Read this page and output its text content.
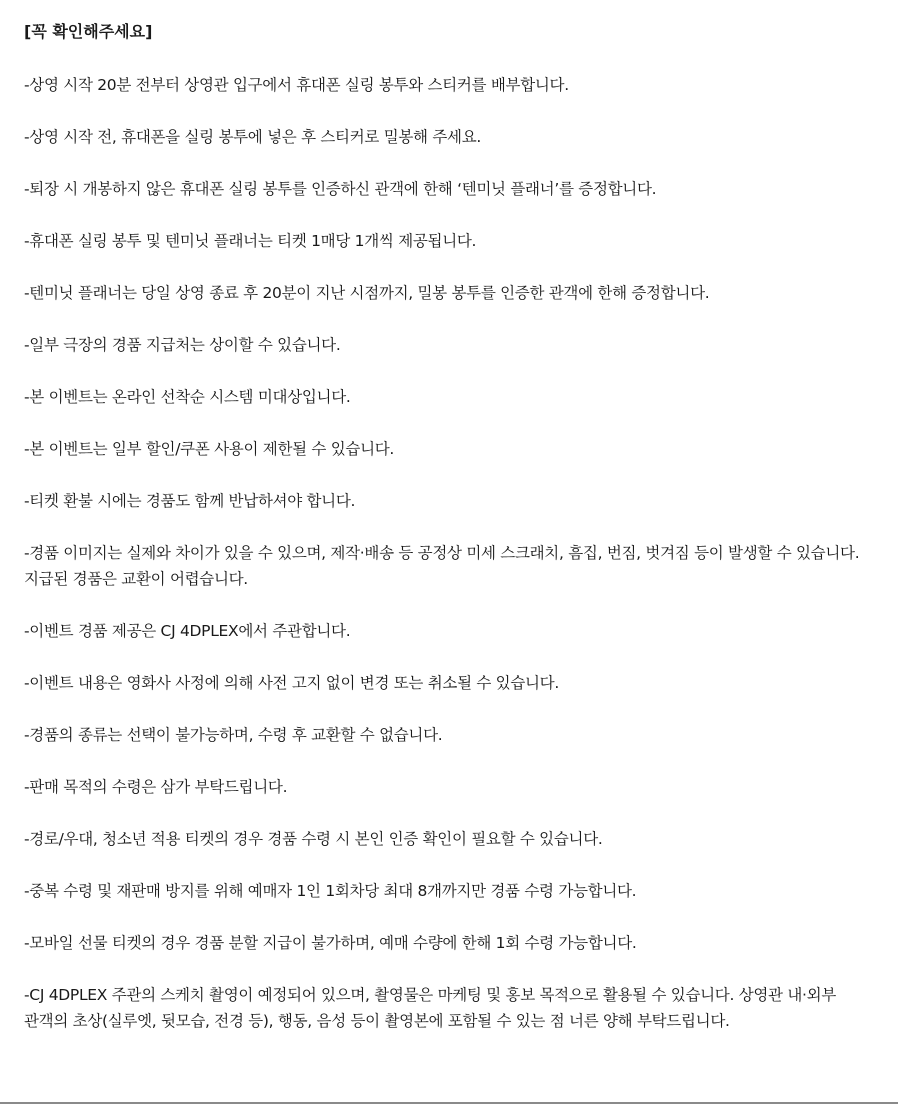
[꼭 확인해주세요]
-상영 시작 20분 전부터 상영관 입구에서 휴대폰 실링 봉투와 스티커를 배부합니다.
-상영 시작 전, 휴대폰을 실링 봉투에 넣은 후 스티커로 밀봉해 주세요.
-퇴장 시 개봉하지 않은 휴대폰 실링 봉투를 인증하신 관객에 한해 ‘텐미닛 플래너’를 증정합니다.
-휴대폰 실링 봉투 및 텐미닛 플래너는 티켓 1매당 1개씩 제공됩니다.
-텐미닛 플래너는 당일 상영 종료 후 20분이 지난 시점까지, 밀봉 봉투를 인증한 관객에 한해 증정합니다.
-일부 극장의 경품 지급처는 상이할 수 있습니다.
-본 이벤트는 온라인 선착순 시스템 미대상입니다.
-본 이벤트는 일부 할인/쿠폰 사용이 제한될 수 있습니다.
-티켓 환불 시에는 경품도 함께 반납하셔야 합니다.
-경품 이미지는 실제와 차이가 있을 수 있으며, 제작·배송 등 공정상 미세 스크래치, 흠집, 번짐, 벗겨짐 등이 발생할 수 있습니다. 지급된 경품은 교환이 어렵습니다.
-이벤트 경품 제공은 CJ 4DPLEX에서 주관합니다.
-이벤트 내용은 영화사 사정에 의해 사전 고지 없이 변경 또는 취소될 수 있습니다.
-경품의 종류는 선택이 불가능하며, 수령 후 교환할 수 없습니다.
-판매 목적의 수령은 삼가 부탁드립니다.
-경로/우대, 청소년 적용 티켓의 경우 경품 수령 시 본인 인증 확인이 필요할 수 있습니다.
-중복 수령 및 재판매 방지를 위해 예매자 1인 1회차당 최대 8개까지만 경품 수령 가능합니다.
-모바일 선물 티켓의 경우 경품 분할 지급이 불가하며, 예매 수량에 한해 1회 수령 가능합니다.
-CJ 4DPLEX 주관의 스케치 촬영이 예정되어 있으며, 촬영물은 마케팅 및 홍보 목적으로 활용될 수 있습니다. 상영관 내·외부 관객의 초상(실루엣, 뒷모습, 전경 등), 행동, 음성 등이 촬영본에 포함될 수 있는 점 너른 양해 부탁드립니다.
